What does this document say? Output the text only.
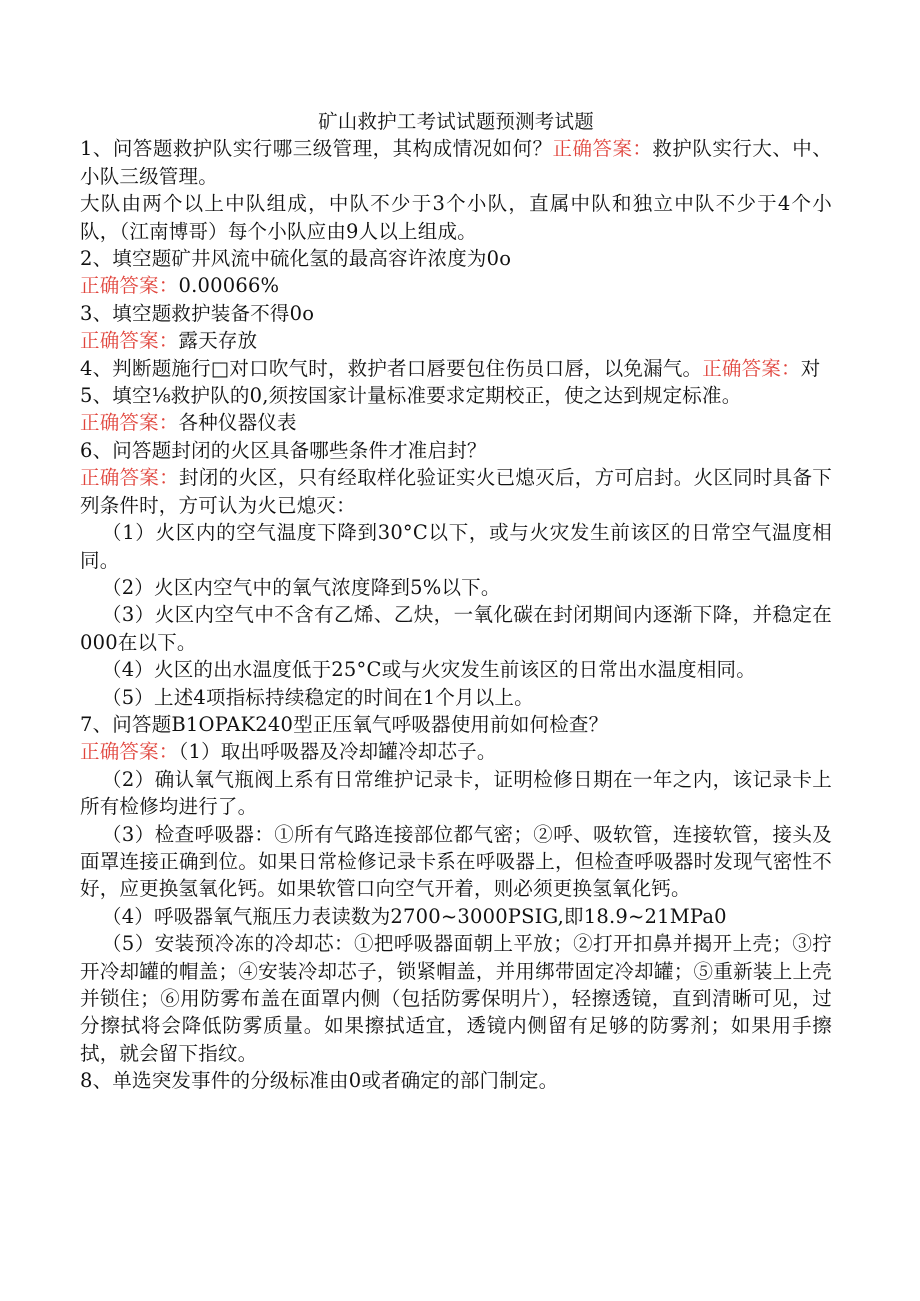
矿山救护工考试试题预测考试题

1、问答题救护队实行哪三级管理，其构成情况如何？正确答案：救护队实行大、中、小队三级管理。

大队由两个以上中队组成，中队不少于3个小队，直属中队和独立中队不少于4个小队，（江南博哥）每个小队应由9人以上组成。

2、填空题矿井风流中硫化氢的最高容许浓度为0o

正确答案：0.00066%

3、填空题救护装备不得0o

正确答案：露天存放

4、判断题施行□对口吹气时，救护者口唇要包住伤员口唇，以免漏气。正确答案：对

5、填空⅛救护队的0,须按国家计量标准要求定期校正，使之达到规定标准。

正确答案：各种仪器仪表

6、问答题封闭的火区具备哪些条件才准启封？

正确答案：封闭的火区，只有经取样化验证实火已熄灭后，方可启封。火区同时具备下列条件时，方可认为火已熄灭：

（1）火区内的空气温度下降到30°C以下，或与火灾发生前该区的日常空气温度相同。

（2）火区内空气中的氧气浓度降到5%以下。

（3）火区内空气中不含有乙烯、乙炔，一氧化碳在封闭期间内逐渐下降，并稳定在000在以下。

（4）火区的出水温度低于25°C或与火灾发生前该区的日常出水温度相同。

（5）上述4项指标持续稳定的时间在1个月以上。

7、问答题B1OPAK240型正压氧气呼吸器使用前如何检查？

正确答案：（1）取出呼吸器及冷却罐冷却芯子。

（2）确认氧气瓶阀上系有日常维护记录卡，证明检修日期在一年之内，该记录卡上所有检修均进行了。

（3）检查呼吸器：①所有气路连接部位都气密；②呼、吸软管，连接软管，接头及面罩连接正确到位。如果日常检修记录卡系在呼吸器上，但检查呼吸器时发现气密性不好，应更换氢氧化钙。如果软管口向空气开着，则必须更换氢氧化钙。

（4）呼吸器氧气瓶压力表读数为2700~3000PSIG,即18.9~21MPa0

（5）安装预冷冻的冷却芯：①把呼吸器面朝上平放；②打开扣鼻并揭开上壳；③拧开冷却罐的帽盖；④安装冷却芯子，锁紧帽盖，并用绑带固定冷却罐；⑤重新装上上壳并锁住；⑥用防雾布盖在面罩内侧（包括防雾保明片），轻擦透镜，直到清晰可见，过分擦拭将会降低防雾质量。如果擦拭适宜，透镜内侧留有足够的防雾剂；如果用手擦拭，就会留下指纹。

8、单选突发事件的分级标准由0或者确定的部门制定。
